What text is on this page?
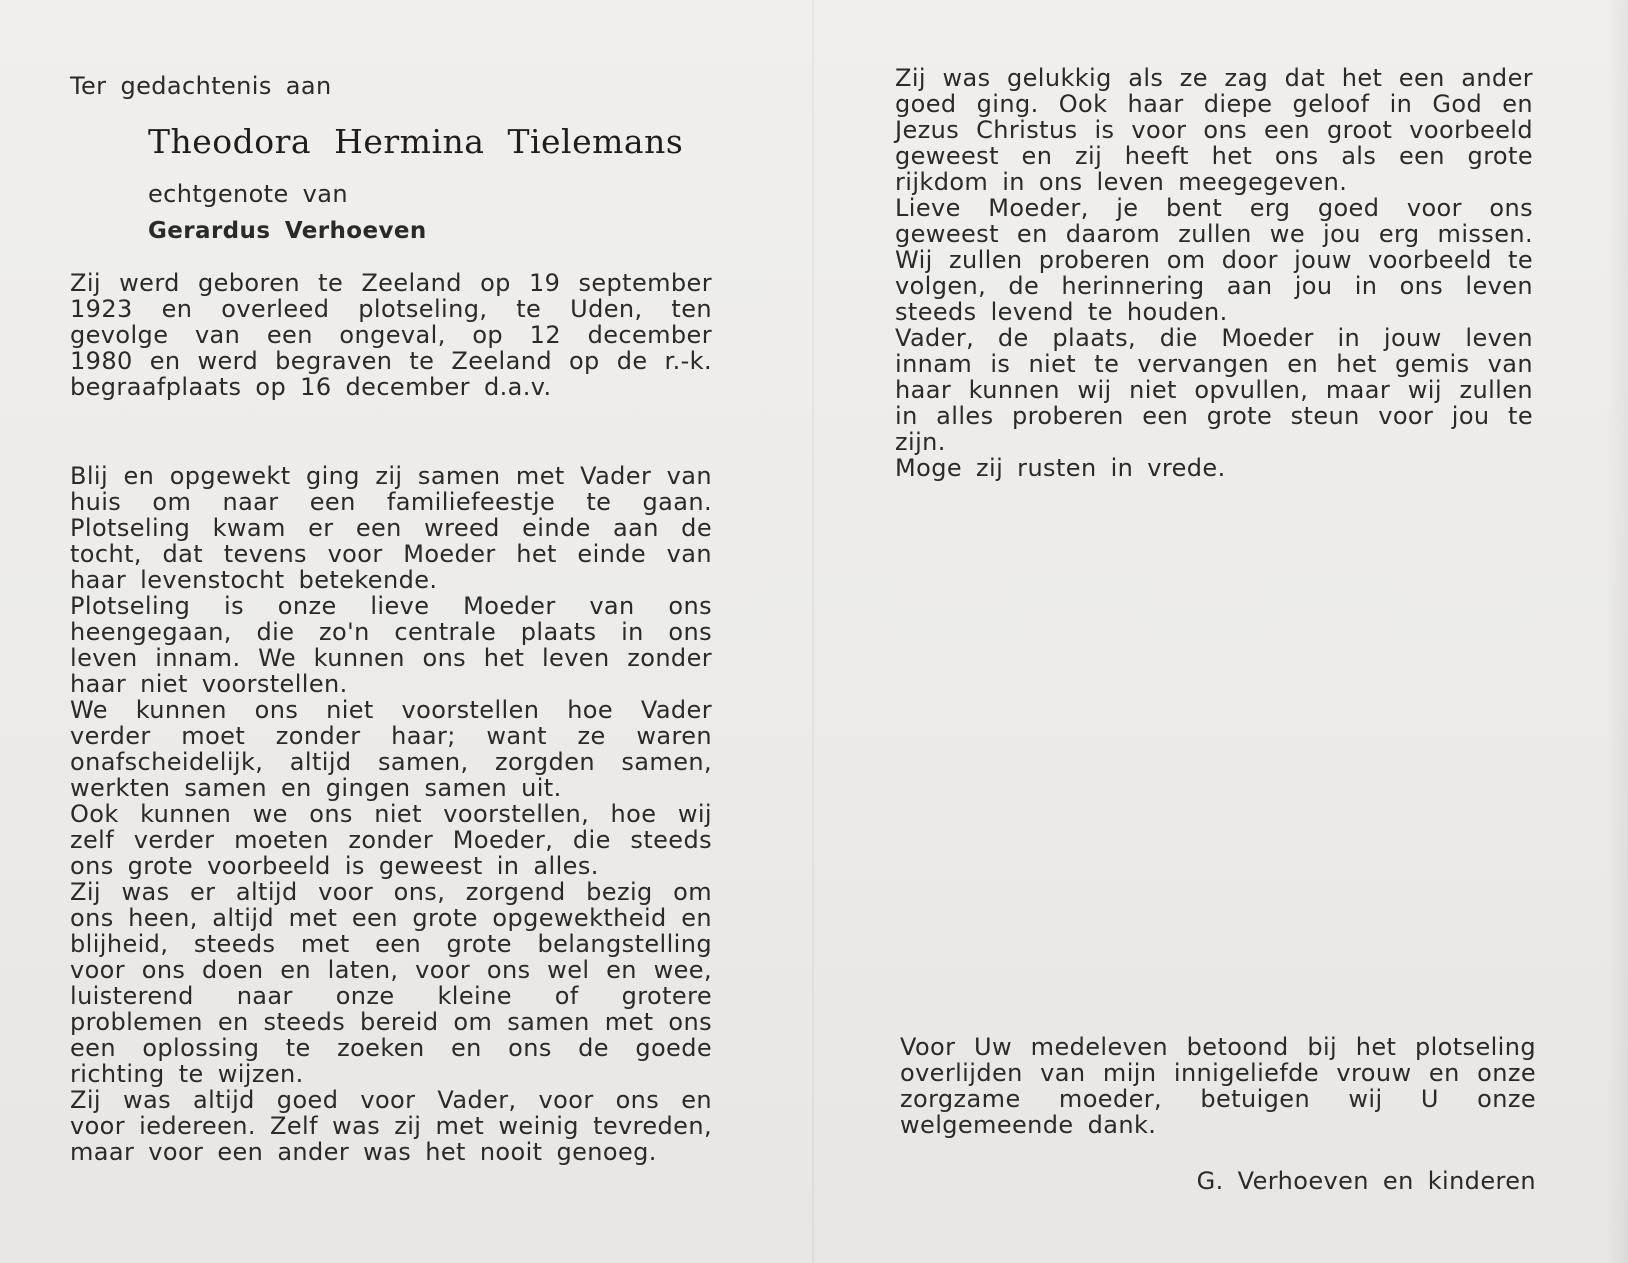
Ter gedachtenis aan
Theodora Hermina Tielemans
echtgenote van
Gerardus Verhoeven
Zij werd geboren te Zeeland op 19 september 1923 en overleed plotseling, te Uden, ten gevolge van een ongeval, op 12 december 1980 en werd begraven te Zeeland op de r.-k. begraafplaats op 16 december d.a.v.

Blij en opgewekt ging zij samen met Vader van huis om naar een familiefeestje te gaan. Plotseling kwam er een wreed einde aan de tocht, dat tevens voor Moeder het einde van haar levenstocht betekende.

Plotseling is onze lieve Moeder van ons heengegaan, die zo'n centrale plaats in ons leven innam. We kunnen ons het leven zonder haar niet voorstellen.

We kunnen ons niet voorstellen hoe Vader verder moet zonder haar; want ze waren onafscheidelijk, altijd samen, zorgden samen, werkten samen en gingen samen uit.

Ook kunnen we ons niet voorstellen, hoe wij zelf verder moeten zonder Moeder, die steeds ons grote voorbeeld is geweest in alles.

Zij was er altijd voor ons, zorgend bezig om ons heen, altijd met een grote opgewektheid en blijheid, steeds met een grote belangstelling voor ons doen en laten, voor ons wel en wee, luisterend naar onze kleine of grotere problemen en steeds bereid om samen met ons een oplossing te zoeken en ons de goede richting te wijzen.

Zij was altijd goed voor Vader, voor ons en voor iedereen. Zelf was zij met weinig tevreden, maar voor een ander was het nooit genoeg.

Zij was gelukkig als ze zag dat het een ander goed ging. Ook haar diepe geloof in God en Jezus Christus is voor ons een groot voorbeeld geweest en zij heeft het ons als een grote rijkdom in ons leven meegegeven.

Lieve Moeder, je bent erg goed voor ons geweest en daarom zullen we jou erg missen. Wij zullen proberen om door jouw voorbeeld te volgen, de herinnering aan jou in ons leven steeds levend te houden.

Vader, de plaats, die Moeder in jouw leven innam is niet te vervangen en het gemis van haar kunnen wij niet opvullen, maar wij zullen in alles proberen een grote steun voor jou te zijn.

Moge zij rusten in vrede.

Voor Uw medeleven betoond bij het plotseling overlijden van mijn innigeliefde vrouw en onze zorgzame moeder, betuigen wij U onze welgemeende dank.
G. Verhoeven en kinderen
